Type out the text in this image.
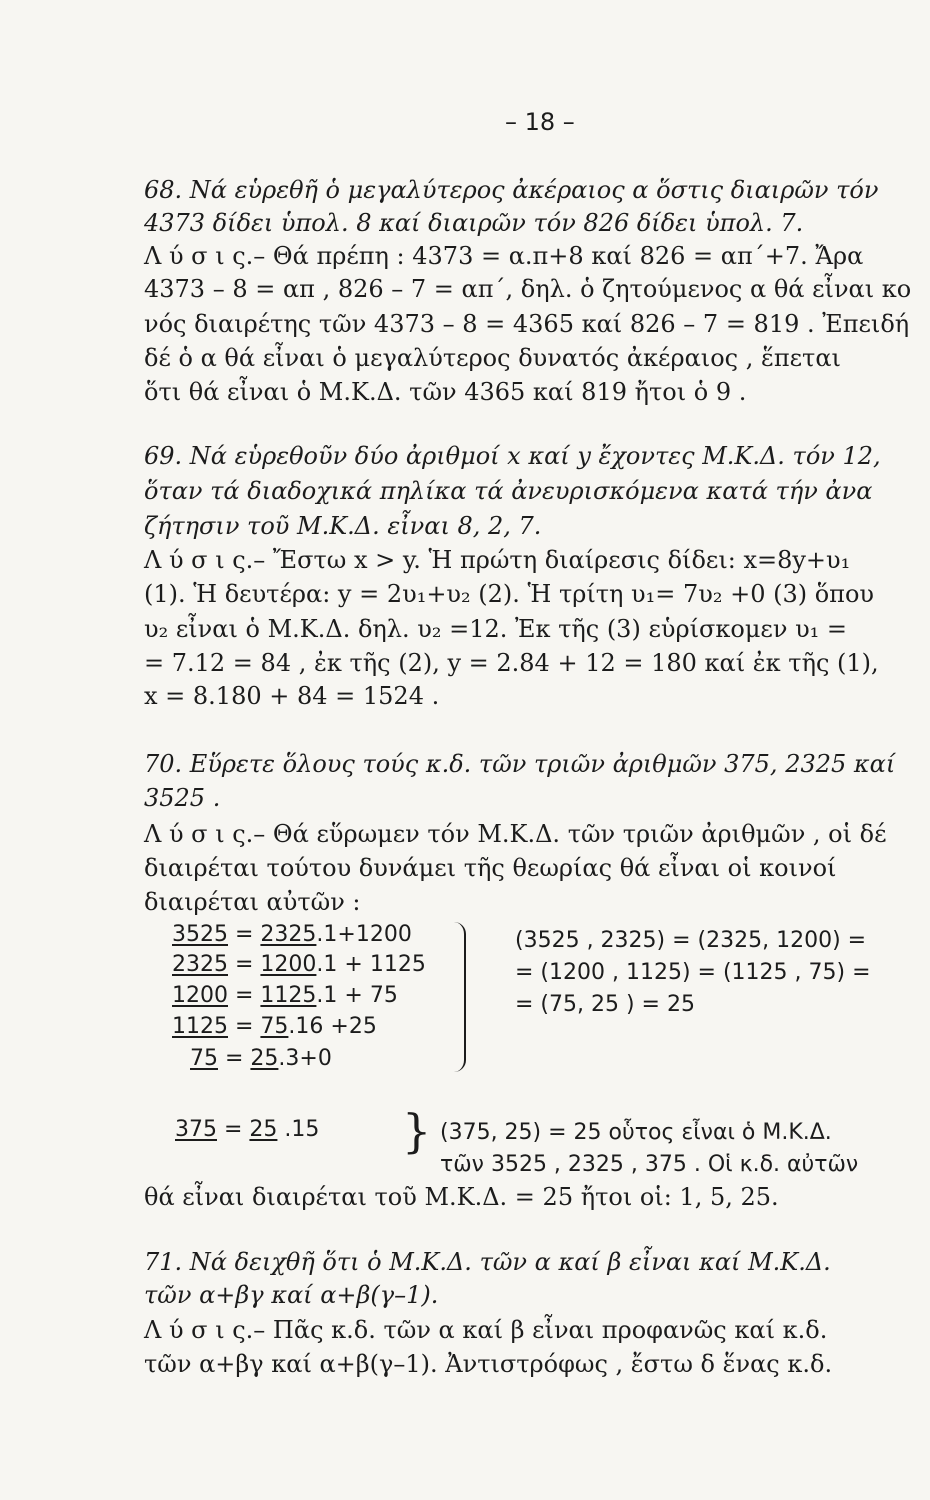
– 18 –
68. Νά εὑρεθῆ ὁ μεγαλύτερος ἀκέραιος α ὅστις διαιρῶν τόν
4373 δίδει ὑπολ. 8 καί διαιρῶν τόν 826 δίδει ὑπολ. 7.
Λ ύ σ ι ς.– Θά πρέπη : 4373 = α.π+8 καί 826 = απ΄+7. Ἄρα
4373 – 8 = απ , 826 – 7 = απ΄, δηλ. ὁ ζητούμενος α θά εἶναι κο
νός διαιρέτης τῶν 4373 – 8 = 4365 καί 826 – 7 = 819 . Ἐπειδή
δέ ὁ α θά εἶναι ὁ μεγαλύτερος δυνατός ἀκέραιος , ἕπεται
ὅτι θά εἶναι ὁ Μ.Κ.Δ. τῶν 4365 καί 819 ἤτοι ὁ 9 .
69. Νά εὑρεθοῦν δύο ἀριθμοί x καί y ἔχοντες Μ.Κ.Δ. τόν 12,
ὅταν τά διαδοχικά πηλίκα τά ἀνευρισκόμενα κατά τήν ἀνα
ζήτησιν τοῦ Μ.Κ.Δ. εἶναι 8, 2, 7.
Λ ύ σ ι ς.– Ἔστω x > y. Ἡ πρώτη διαίρεσις δίδει: x=8y+υ₁
(1). Ἡ δευτέρα: y = 2υ₁+υ₂ (2). Ἡ τρίτη υ₁= 7υ₂ +0 (3) ὅπου
υ₂ εἶναι ὁ Μ.Κ.Δ. δηλ. υ₂ =12. Ἐκ τῆς (3) εὑρίσκομεν υ₁ =
= 7.12 = 84 , ἐκ τῆς (2), y = 2.84 + 12 = 180 καί ἐκ τῆς (1),
x = 8.180 + 84 = 1524 .
70. Εὕρετε ὅλους τούς κ.δ. τῶν τριῶν ἀριθμῶν 375, 2325 καί
3525 .
Λ ύ σ ι ς.– Θά εὕρωμεν τόν Μ.Κ.Δ. τῶν τριῶν ἀριθμῶν , οἱ δέ
διαιρέται τούτου δυνάμει τῆς θεωρίας θά εἶναι οἱ κοινοί
διαιρέται αὐτῶν :
3525 = 2325.1+1200
2325 = 1200.1 + 1125
1200 = 1125.1 + 75
1125 = 75.16 +25
75 = 25.3+0
(3525 , 2325) = (2325, 1200) =
= (1200 , 1125) = (1125 , 75) =
= (75, 25 ) = 25
375 = 25 .15 } (375, 25) = 25 οὗτος εἶναι ὁ Μ.Κ.Δ.
τῶν 3525 , 2325 , 375 . Οἱ κ.δ. αὐτῶν
θά εἶναι διαιρέται τοῦ Μ.Κ.Δ. = 25 ἤτοι οἱ: 1, 5, 25.
71. Νά δειχθῆ ὅτι ὁ Μ.Κ.Δ. τῶν α καί β εἶναι καί Μ.Κ.Δ.
τῶν α+βγ καί α+β(γ–1).
Λ ύ σ ι ς.– Πᾶς κ.δ. τῶν α καί β εἶναι προφανῶς καί κ.δ.
τῶν α+βγ καί α+β(γ–1). Ἀντιστρόφως , ἔστω δ ἕνας κ.δ.
